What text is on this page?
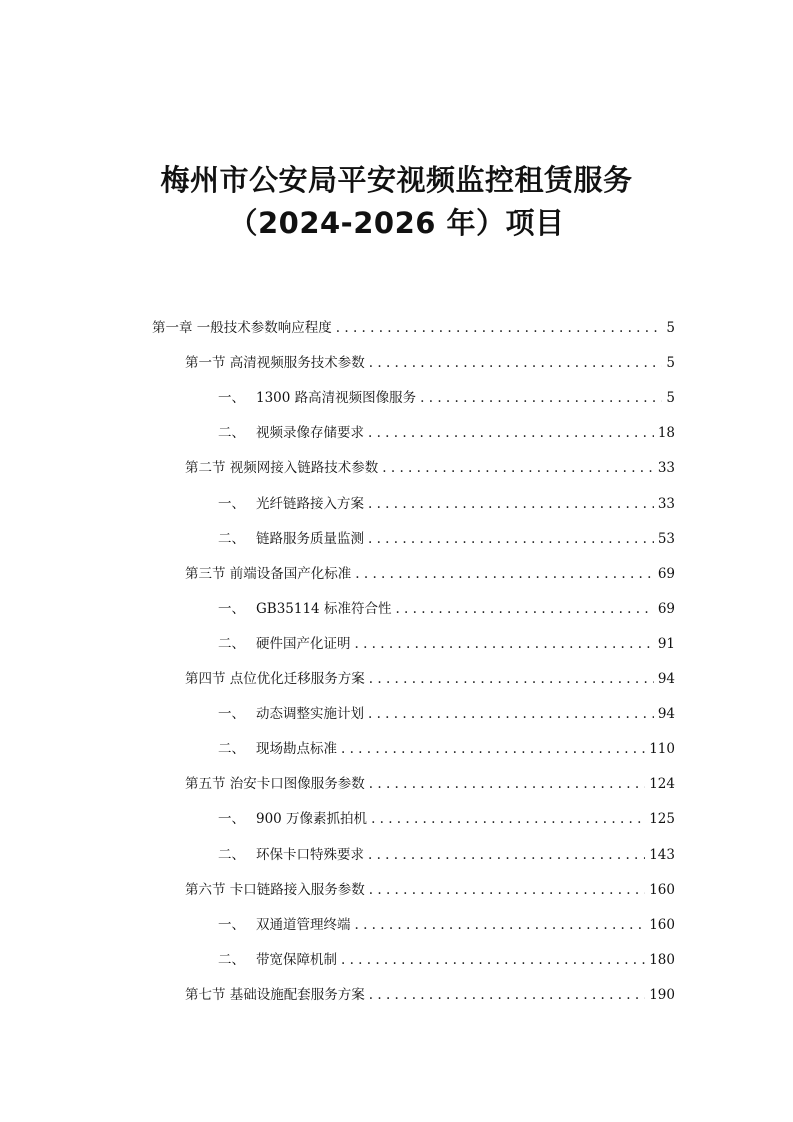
梅州市公安局平安视频监控租赁服务
（2024-2026 年）项目
第一章 一般技术参数响应程度 . . .	5
第一节 高清视频服务技术参数 . . .	5
一、 1300 路高清视频图像服务 . . .	5
二、 视频录像存储要求 . . .	18
第二节 视频网接入链路技术参数 . . .	33
一、 光纤链路接入方案 . . .	33
二、 链路服务质量监测 . . .	53
第三节 前端设备国产化标准 . . .	69
一、 GB35114 标准符合性 . . .	69
二、 硬件国产化证明 . . .	91
第四节 点位优化迁移服务方案 . . .	94
一、 动态调整实施计划 . . .	94
二、 现场勘点标准 . . .	110
第五节 治安卡口图像服务参数 . . .	124
一、 900 万像素抓拍机 . . .	125
二、 环保卡口特殊要求 . . .	143
第六节 卡口链路接入服务参数 . . .	160
一、 双通道管理终端 . . .	160
二、 带宽保障机制 . . .	180
第七节 基础设施配套服务方案 . . .	190
